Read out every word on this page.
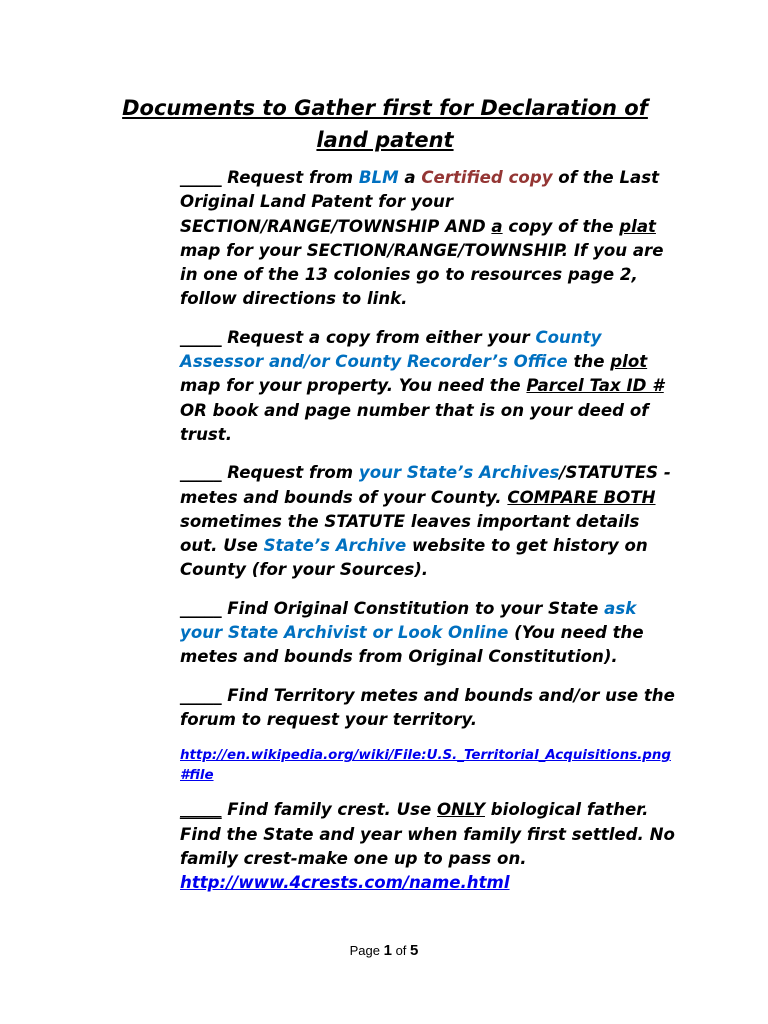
Documents to Gather first for Declaration of land patent

_____ Request from BLM a Certified copy of the Last Original Land Patent for your SECTION/RANGE/TOWNSHIP AND a copy of the plat map for your SECTION/RANGE/TOWNSHIP. If you are in one of the 13 colonies go to resources page 2, follow directions to link.

_____ Request a copy from either your County Assessor and/or County Recorder’s Office the plot map for your property. You need the Parcel Tax ID # OR book and page number that is on your deed of trust.

_____ Request from your State’s Archives/STATUTES - metes and bounds of your County. COMPARE BOTH sometimes the STATUTE leaves important details out. Use State’s Archive website to get history on County (for your Sources).

_____ Find Original Constitution to your State ask your State Archivist or Look Online (You need the metes and bounds from Original Constitution).

_____ Find Territory metes and bounds and/or use the forum to request your territory.

http://en.wikipedia.org/wiki/File:U.S._Territorial_Acquisitions.png#file

_____ Find family crest. Use ONLY biological father. Find the State and year when family first settled. No family crest-make one up to pass on.
http://www.4crests.com/name.html

Page 1 of 5
